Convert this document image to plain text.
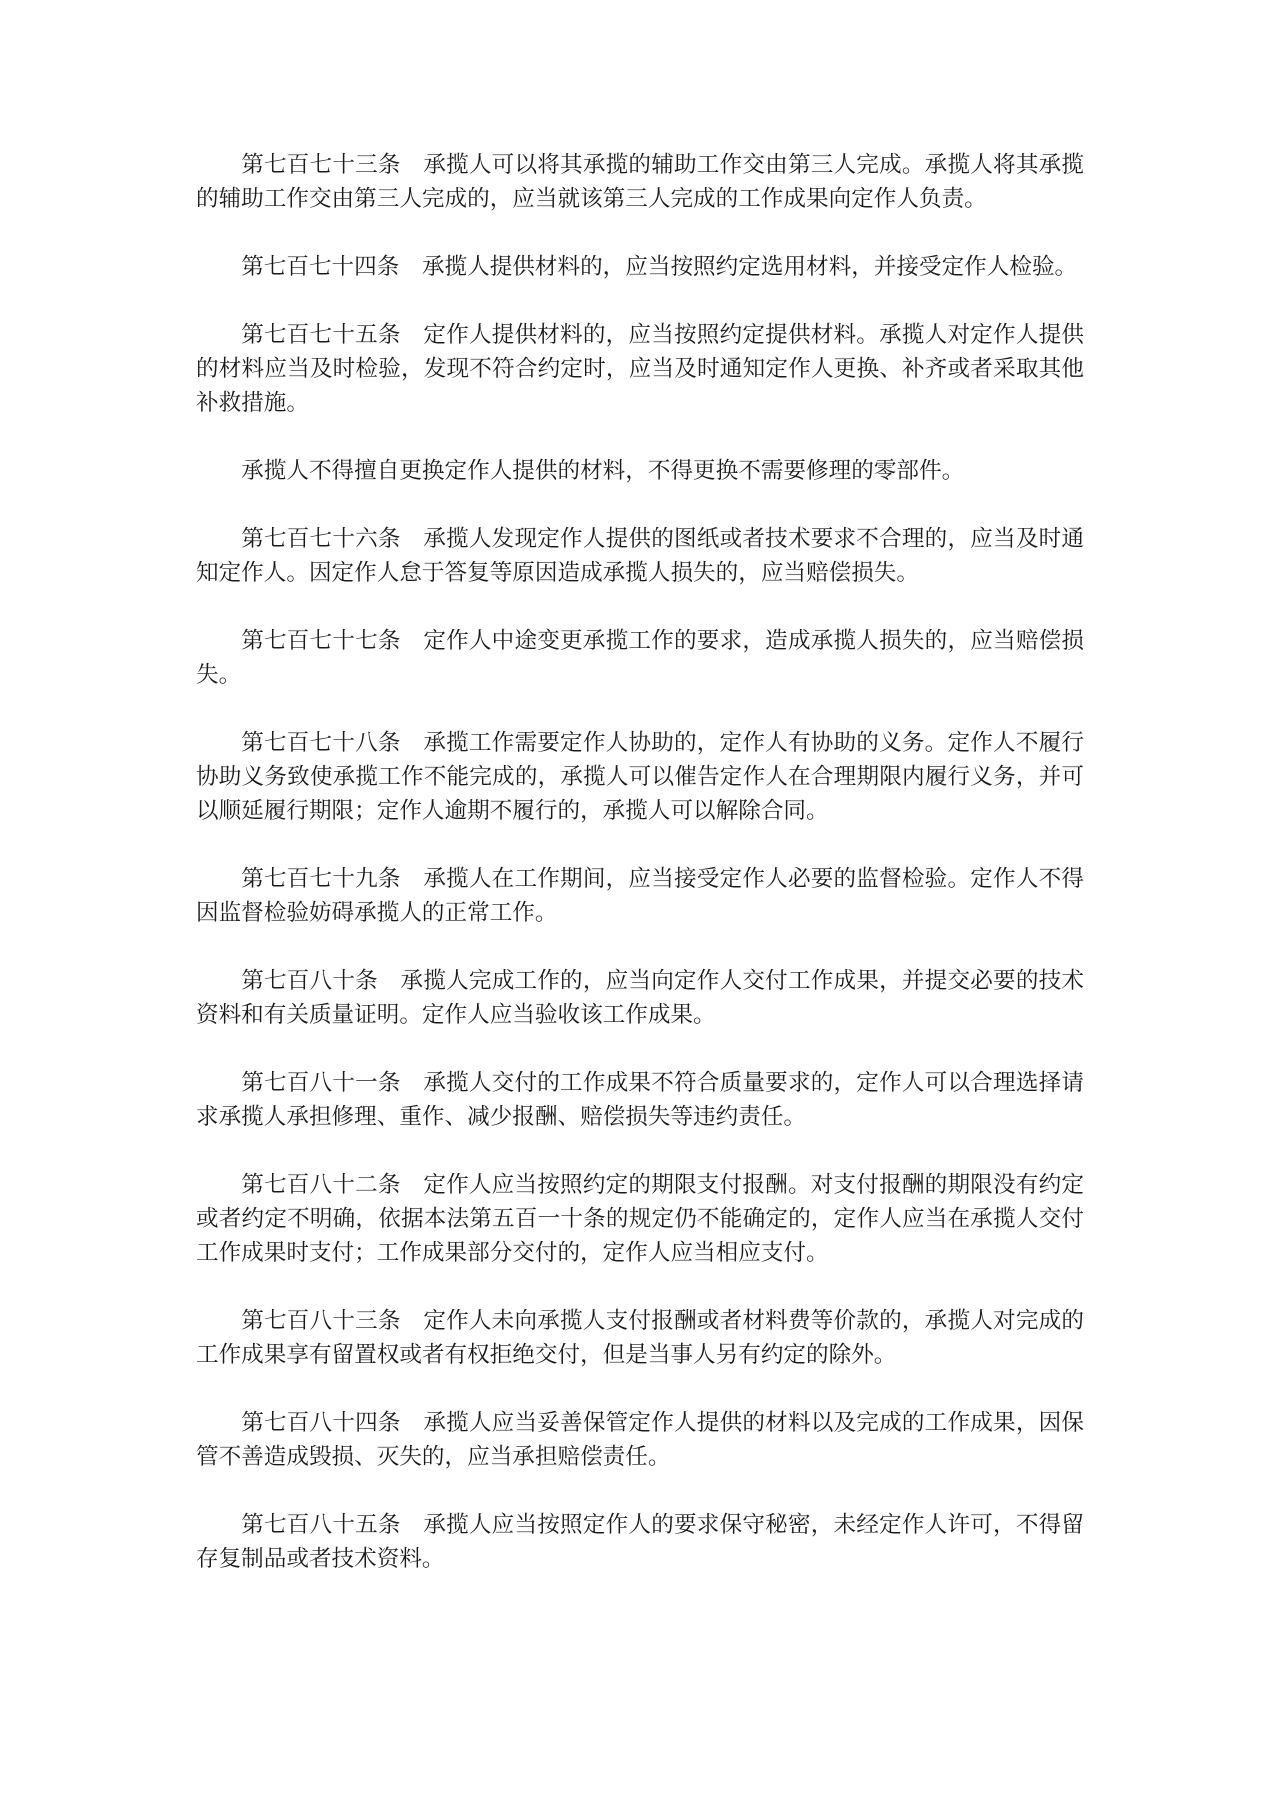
第七百七十三条 承揽人可以将其承揽的辅助工作交由第三人完成。承揽人将其承揽的辅助工作交由第三人完成的，应当就该第三人完成的工作成果向定作人负责。

第七百七十四条 承揽人提供材料的，应当按照约定选用材料，并接受定作人检验。

第七百七十五条 定作人提供材料的，应当按照约定提供材料。承揽人对定作人提供的材料应当及时检验，发现不符合约定时，应当及时通知定作人更换、补齐或者采取其他补救措施。

承揽人不得擅自更换定作人提供的材料，不得更换不需要修理的零部件。

第七百七十六条 承揽人发现定作人提供的图纸或者技术要求不合理的，应当及时通知定作人。因定作人怠于答复等原因造成承揽人损失的，应当赔偿损失。

第七百七十七条 定作人中途变更承揽工作的要求，造成承揽人损失的，应当赔偿损失。

第七百七十八条 承揽工作需要定作人协助的，定作人有协助的义务。定作人不履行协助义务致使承揽工作不能完成的，承揽人可以催告定作人在合理期限内履行义务，并可以顺延履行期限；定作人逾期不履行的，承揽人可以解除合同。

第七百七十九条 承揽人在工作期间，应当接受定作人必要的监督检验。定作人不得因监督检验妨碍承揽人的正常工作。

第七百八十条 承揽人完成工作的，应当向定作人交付工作成果，并提交必要的技术资料和有关质量证明。定作人应当验收该工作成果。

第七百八十一条 承揽人交付的工作成果不符合质量要求的，定作人可以合理选择请求承揽人承担修理、重作、减少报酬、赔偿损失等违约责任。

第七百八十二条 定作人应当按照约定的期限支付报酬。对支付报酬的期限没有约定或者约定不明确，依据本法第五百一十条的规定仍不能确定的，定作人应当在承揽人交付工作成果时支付；工作成果部分交付的，定作人应当相应支付。

第七百八十三条 定作人未向承揽人支付报酬或者材料费等价款的，承揽人对完成的工作成果享有留置权或者有权拒绝交付，但是当事人另有约定的除外。

第七百八十四条 承揽人应当妥善保管定作人提供的材料以及完成的工作成果，因保管不善造成毁损、灭失的，应当承担赔偿责任。

第七百八十五条 承揽人应当按照定作人的要求保守秘密，未经定作人许可，不得留存复制品或者技术资料。
